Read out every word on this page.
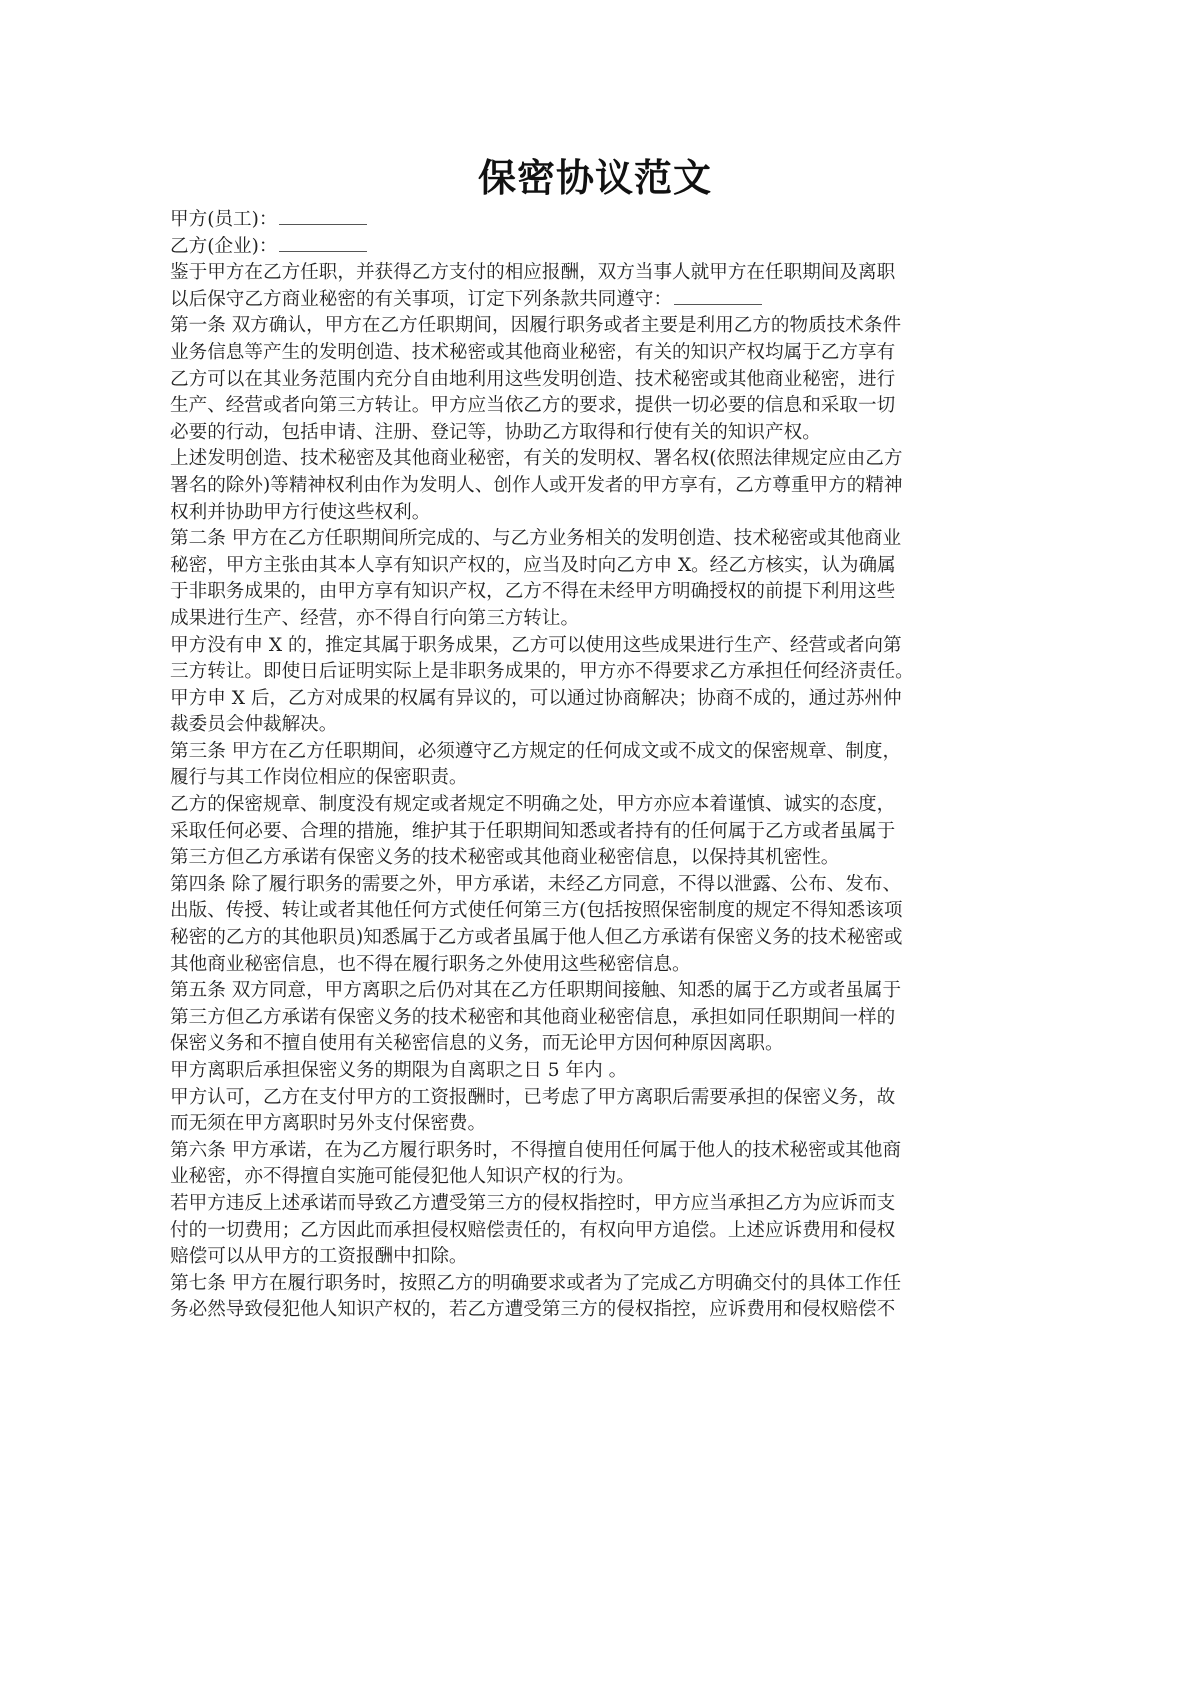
保密协议范文
甲方(员工)：
乙方(企业)：
鉴于甲方在乙方任职，并获得乙方支付的相应报酬，双方当事人就甲方在任职期间及离职
以后保守乙方商业秘密的有关事项，订定下列条款共同遵守：
第一条 双方确认，甲方在乙方任职期间，因履行职务或者主要是利用乙方的物质技术条件
业务信息等产生的发明创造、技术秘密或其他商业秘密，有关的知识产权均属于乙方享有
乙方可以在其业务范围内充分自由地利用这些发明创造、技术秘密或其他商业秘密，进行
生产、经营或者向第三方转让。甲方应当依乙方的要求，提供一切必要的信息和采取一切
必要的行动，包括申请、注册、登记等，协助乙方取得和行使有关的知识产权。
上述发明创造、技术秘密及其他商业秘密，有关的发明权、署名权(依照法律规定应由乙方
署名的除外)等精神权利由作为发明人、创作人或开发者的甲方享有，乙方尊重甲方的精神
权利并协助甲方行使这些权利。
第二条 甲方在乙方任职期间所完成的、与乙方业务相关的发明创造、技术秘密或其他商业
秘密，甲方主张由其本人享有知识产权的，应当及时向乙方申 X。经乙方核实，认为确属
于非职务成果的，由甲方享有知识产权，乙方不得在未经甲方明确授权的前提下利用这些
成果进行生产、经营，亦不得自行向第三方转让。
甲方没有申 X 的，推定其属于职务成果，乙方可以使用这些成果进行生产、经营或者向第
三方转让。即使日后证明实际上是非职务成果的，甲方亦不得要求乙方承担任何经济责任。
甲方申 X 后，乙方对成果的权属有异议的，可以通过协商解决；协商不成的，通过苏州仲
裁委员会仲裁解决。
第三条 甲方在乙方任职期间，必须遵守乙方规定的任何成文或不成文的保密规章、制度，
履行与其工作岗位相应的保密职责。
乙方的保密规章、制度没有规定或者规定不明确之处，甲方亦应本着谨慎、诚实的态度，
采取任何必要、合理的措施，维护其于任职期间知悉或者持有的任何属于乙方或者虽属于
第三方但乙方承诺有保密义务的技术秘密或其他商业秘密信息，以保持其机密性。
第四条 除了履行职务的需要之外，甲方承诺，未经乙方同意，不得以泄露、公布、发布、
出版、传授、转让或者其他任何方式使任何第三方(包括按照保密制度的规定不得知悉该项
秘密的乙方的其他职员)知悉属于乙方或者虽属于他人但乙方承诺有保密义务的技术秘密或
其他商业秘密信息，也不得在履行职务之外使用这些秘密信息。
第五条 双方同意，甲方离职之后仍对其在乙方任职期间接触、知悉的属于乙方或者虽属于
第三方但乙方承诺有保密义务的技术秘密和其他商业秘密信息，承担如同任职期间一样的
保密义务和不擅自使用有关秘密信息的义务，而无论甲方因何种原因离职。
甲方离职后承担保密义务的期限为自离职之日 5 年内 。
甲方认可，乙方在支付甲方的工资报酬时，已考虑了甲方离职后需要承担的保密义务，故
而无须在甲方离职时另外支付保密费。
第六条 甲方承诺，在为乙方履行职务时，不得擅自使用任何属于他人的技术秘密或其他商
业秘密，亦不得擅自实施可能侵犯他人知识产权的行为。
若甲方违反上述承诺而导致乙方遭受第三方的侵权指控时，甲方应当承担乙方为应诉而支
付的一切费用；乙方因此而承担侵权赔偿责任的，有权向甲方追偿。上述应诉费用和侵权
赔偿可以从甲方的工资报酬中扣除。
第七条 甲方在履行职务时，按照乙方的明确要求或者为了完成乙方明确交付的具体工作任
务必然导致侵犯他人知识产权的，若乙方遭受第三方的侵权指控，应诉费用和侵权赔偿不
